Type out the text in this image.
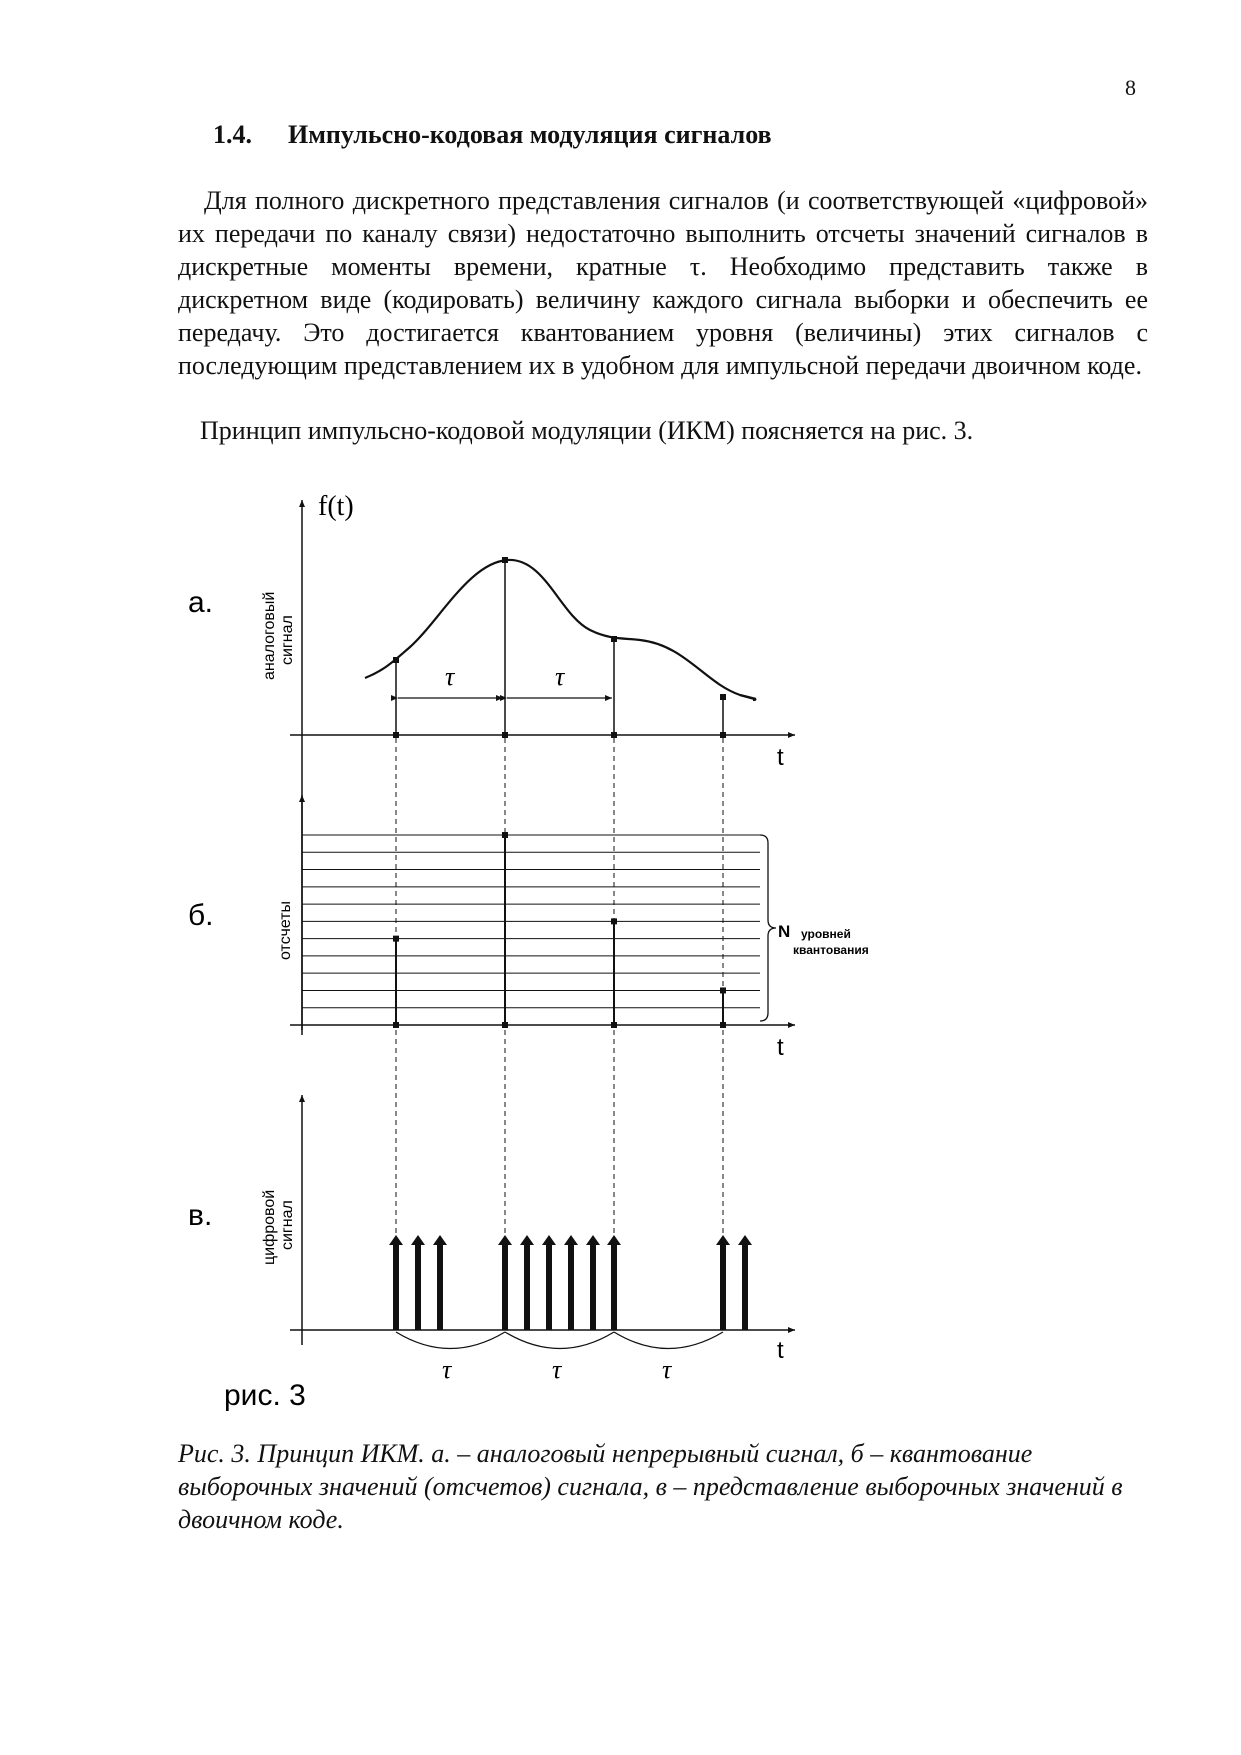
8
1.4. Импульсно-кодовая модуляция сигналов

Для полного дискретного представления сигналов (и соответствующей «цифровой» их передачи по каналу связи) недостаточно выполнить отсчеты значений сигналов в дискретные моменты времени, кратные τ. Необходимо представить также в дискретном виде (кодировать) величину каждого сигнала выборки и обеспечить ее передачу. Это достигается квантованием уровня (величины) этих сигналов с последующим представлением их в удобном для импульсной передачи двоичном коде.

Принцип импульсно-кодовой модуляции (ИКМ) поясняется на рис. 3.

f(t)
а.	аналоговый сигнал
t
τ	τ
б.	отсчеты
t
N уровней
квантования
в.	цифровой сигнал
t
τ	τ	τ
рис. 3

Рис. 3. Принцип ИКМ. а. – аналоговый непрерывный сигнал, б – квантование выборочных значений (отсчетов) сигнала, в – представление выборочных значений в двоичном коде.
